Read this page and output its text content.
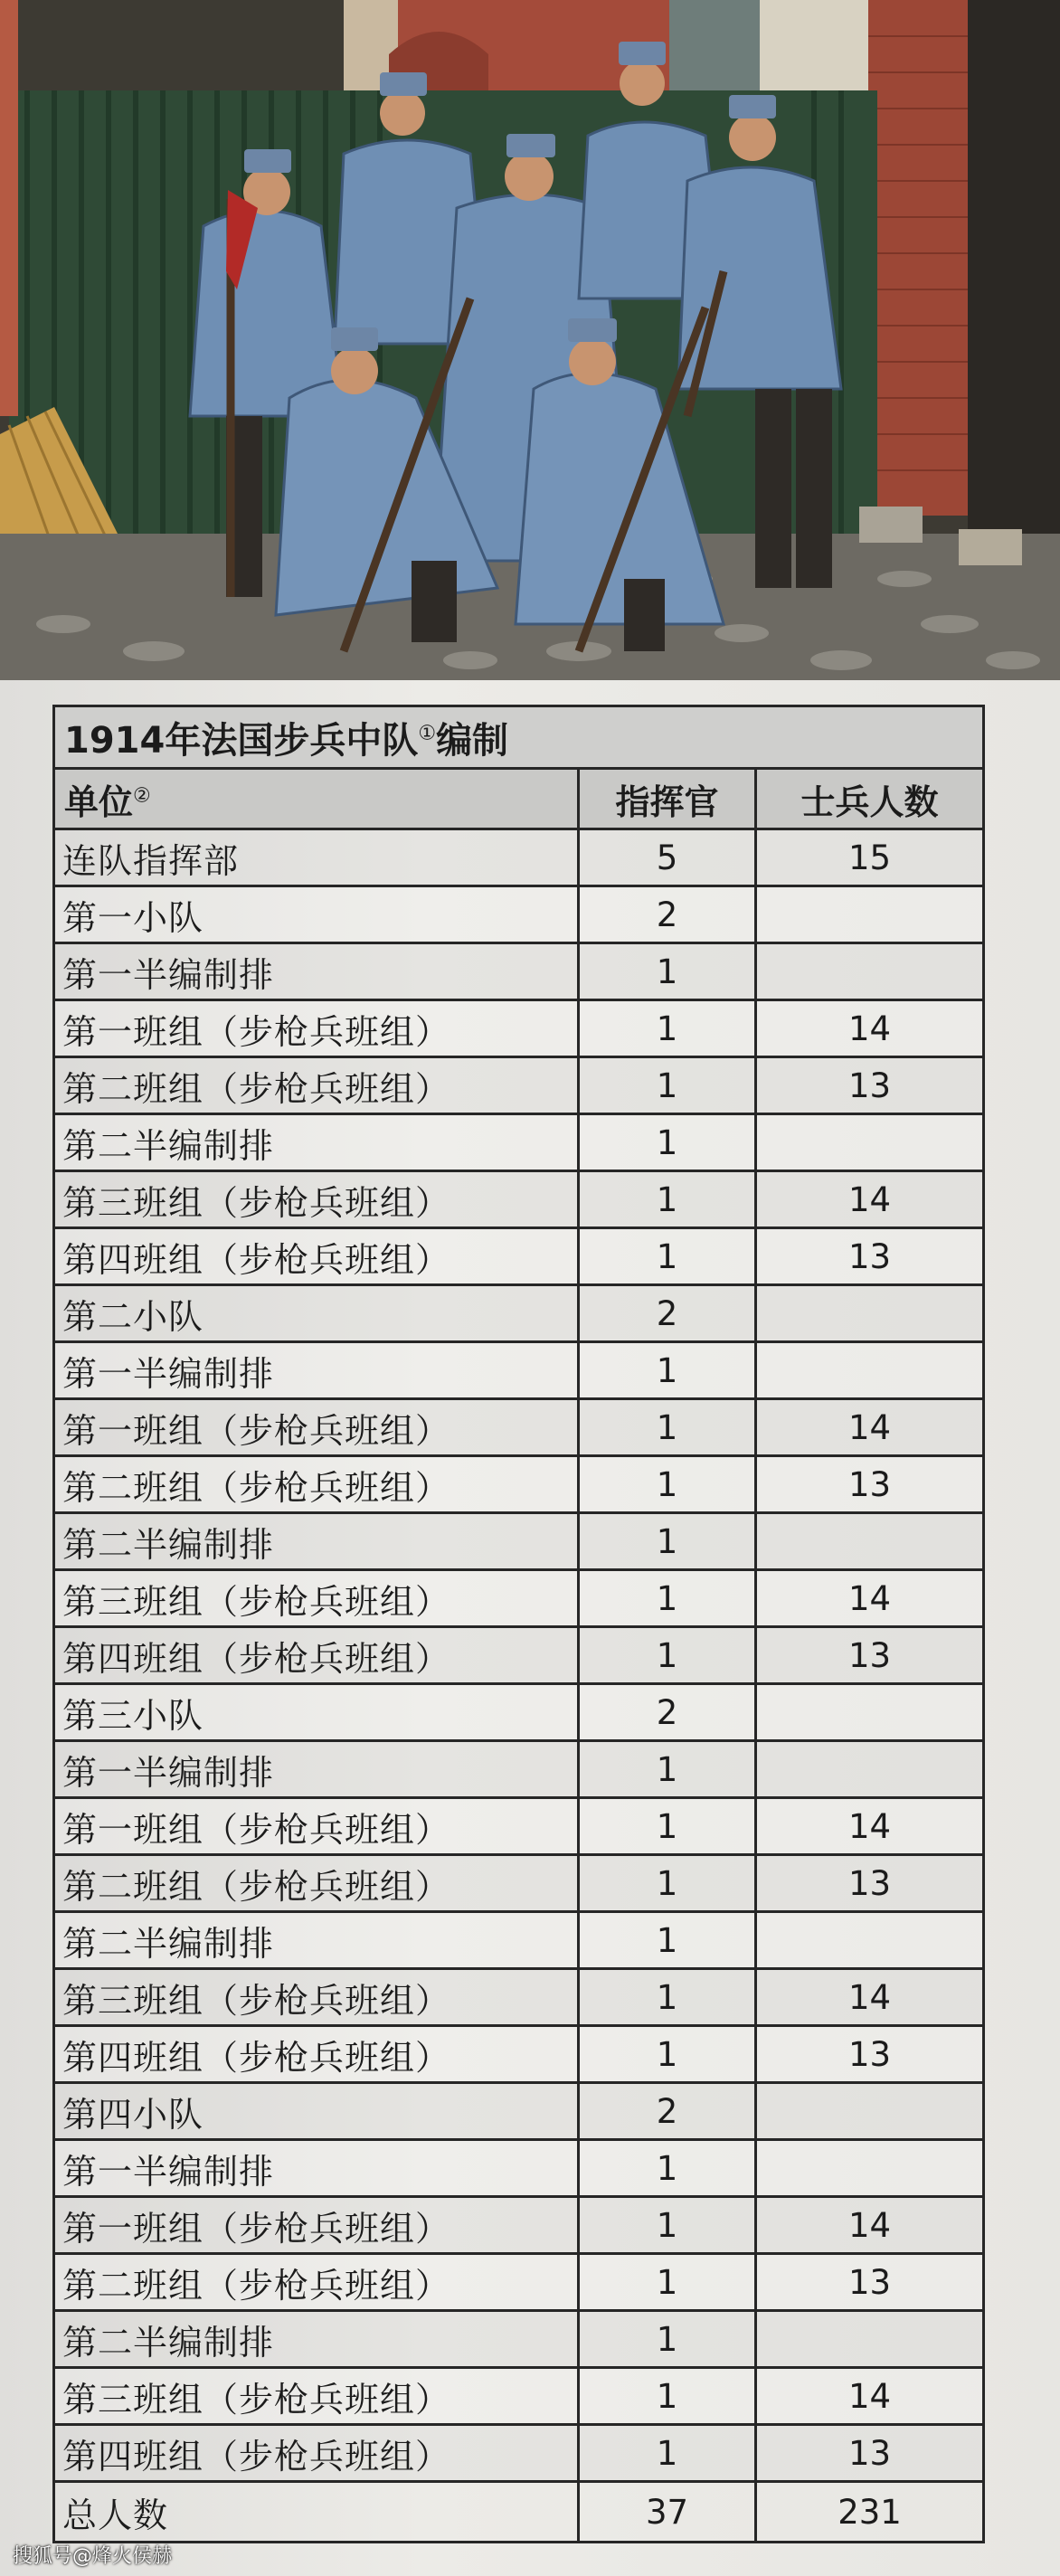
1914年法国步兵中队①编制		
单位②	指挥官	士兵人数
连队指挥部	5	15
第一小队	2	
第一半编制排	1	
第一班组（步枪兵班组）	1	14
第二班组（步枪兵班组）	1	13
第二半编制排	1	
第三班组（步枪兵班组）	1	14
第四班组（步枪兵班组）	1	13
第二小队	2	
第一半编制排	1	
第一班组（步枪兵班组）	1	14
第二班组（步枪兵班组）	1	13
第二半编制排	1	
第三班组（步枪兵班组）	1	14
第四班组（步枪兵班组）	1	13
第三小队	2	
第一半编制排	1	
第一班组（步枪兵班组）	1	14
第二班组（步枪兵班组）	1	13
第二半编制排	1	
第三班组（步枪兵班组）	1	14
第四班组（步枪兵班组）	1	13
第四小队	2	
第一半编制排	1	
第一班组（步枪兵班组）	1	14
第二班组（步枪兵班组）	1	13
第二半编制排	1	
第三班组（步枪兵班组）	1	14
第四班组（步枪兵班组）	1	13
总人数	37	231
搜狐号@烽火侯赫
